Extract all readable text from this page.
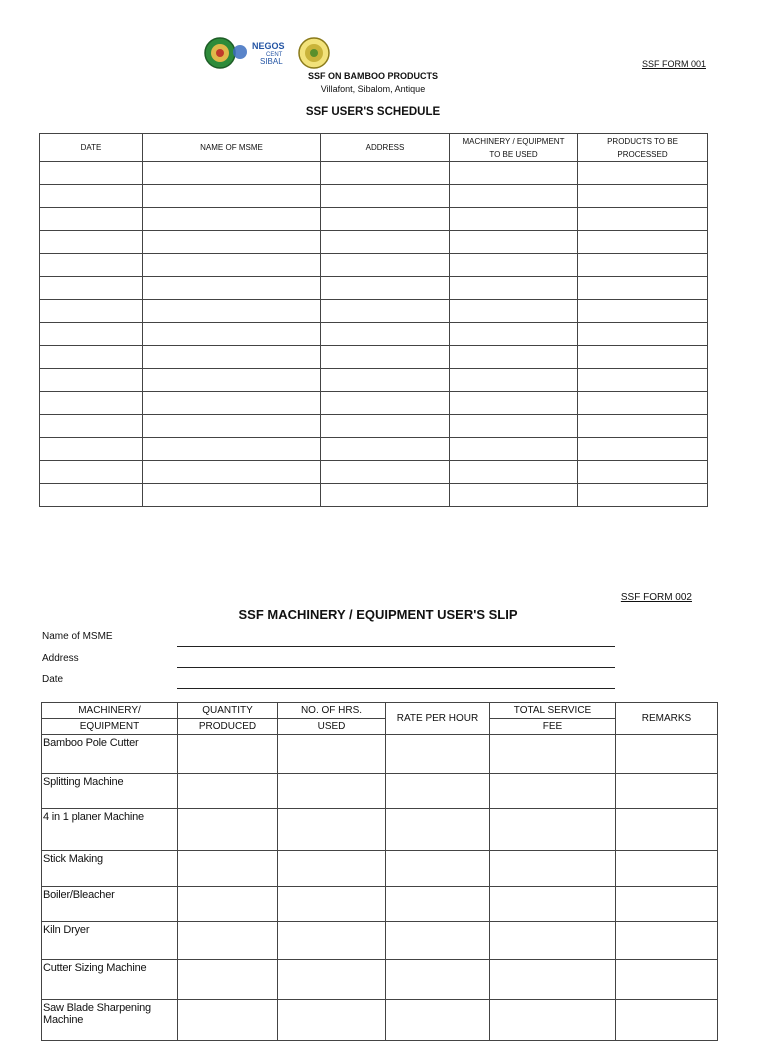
NEGOS
CENT
SIBAL	SSF FORM 001
SSF ON BAMBOO PRODUCTS
Villafont, Sibalom, Antique
SSF USER'S SCHEDULE
DATE	NAME OF MSME	ADDRESS	MACHINERY / EQUIPMENT TO BE USED	PRODUCTS TO BE PROCESSED

SSF FORM 002
SSF MACHINERY / EQUIPMENT USER'S SLIP
Name of MSME
Address
Date
MACHINERY/	QUANTITY	NO. OF HRS.	RATE PER HOUR	TOTAL SERVICE	REMARKS
EQUIPMENT	PRODUCED	USED		FEE	
Bamboo Pole Cutter					
Splitting Machine					
4 in 1 planer Machine					
Stick Making					
Boiler/Bleacher					
Kiln Dryer					
Cutter Sizing Machine					
Saw Blade Sharpening Machine					
